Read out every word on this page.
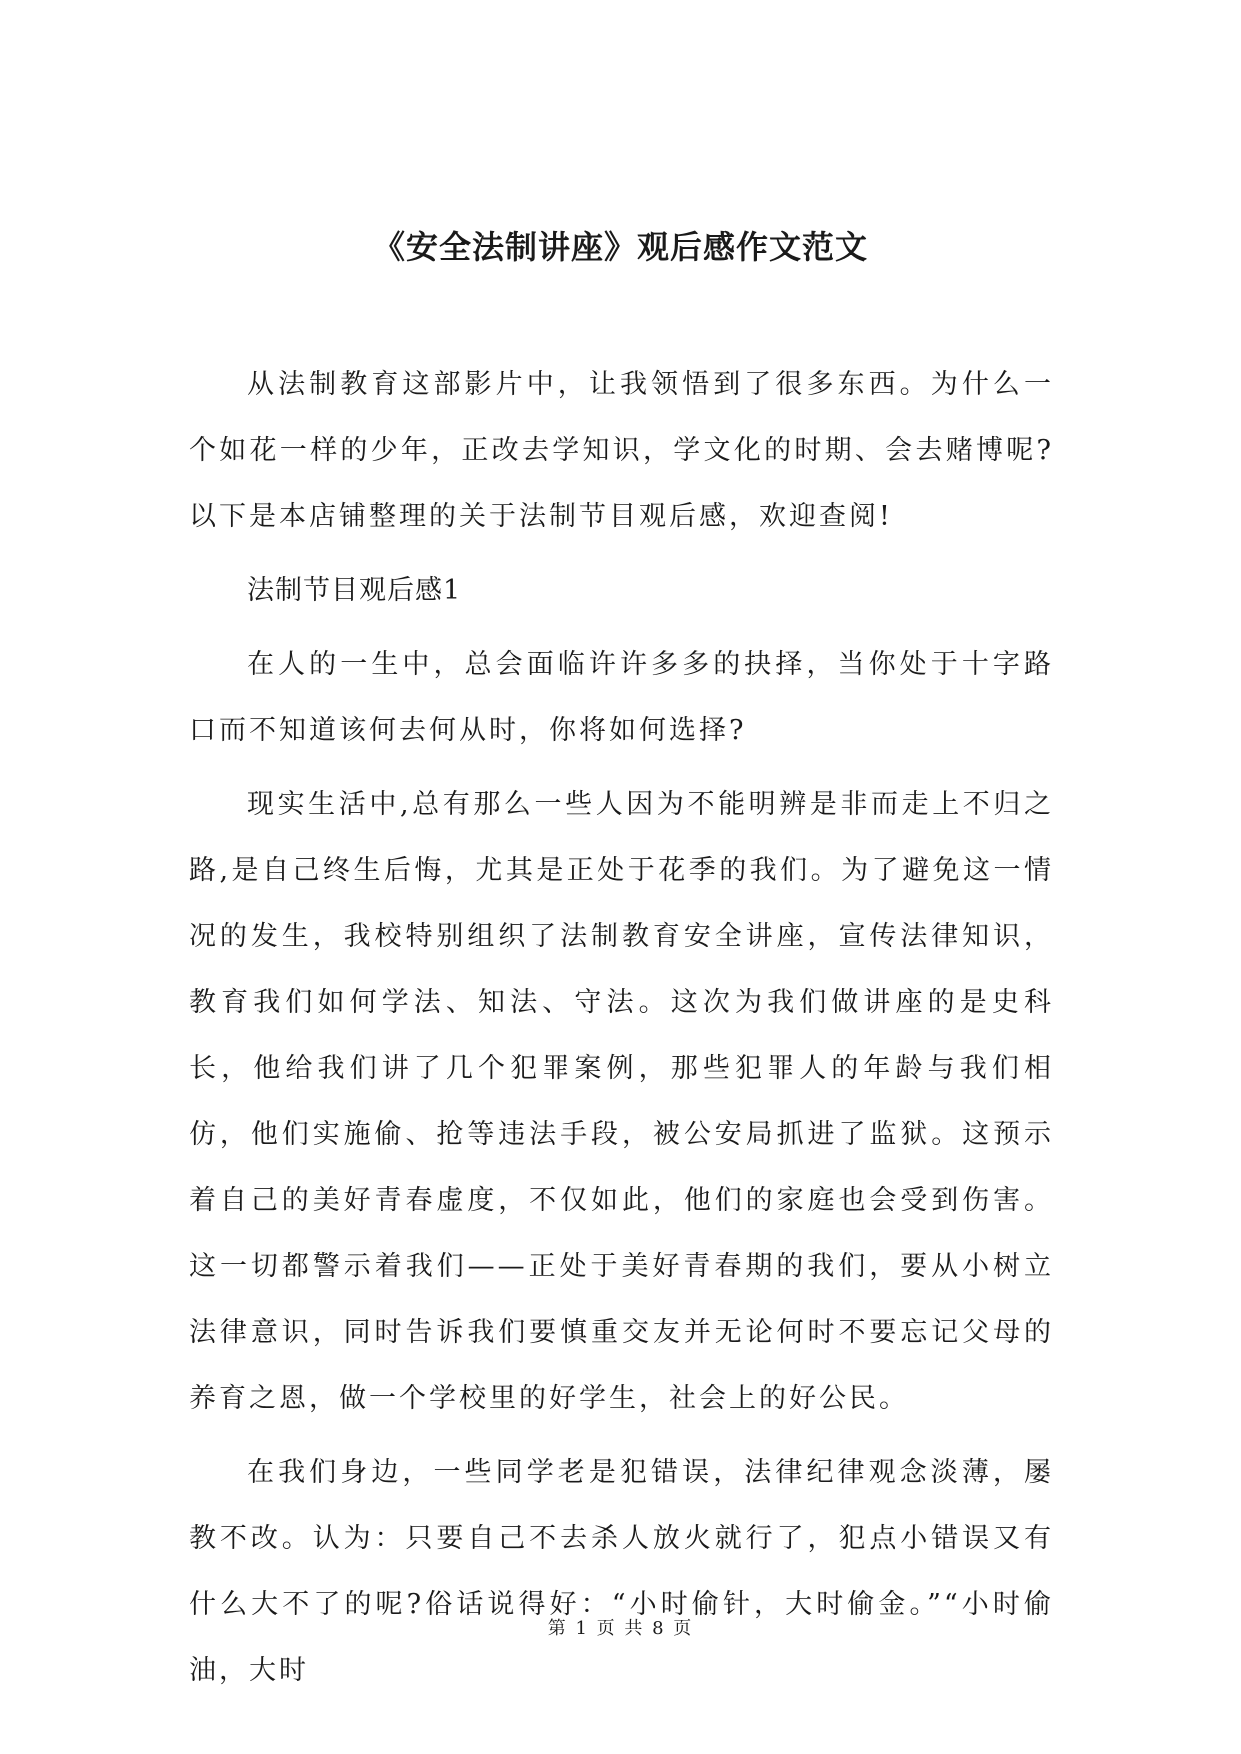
《安全法制讲座》观后感作文范文

从法制教育这部影片中，让我领悟到了很多东西。为什么一个如花一样的少年，正改去学知识，学文化的时期、会去赌博呢?以下是本店铺整理的关于法制节目观后感，欢迎查阅!

法制节目观后感1

在人的一生中，总会面临许许多多的抉择，当你处于十字路口而不知道该何去何从时，你将如何选择?

现实生活中,总有那么一些人因为不能明辨是非而走上不归之路,是自己终生后悔，尤其是正处于花季的我们。为了避免这一情况的发生，我校特别组织了法制教育安全讲座，宣传法律知识，教育我们如何学法、知法、守法。这次为我们做讲座的是史科长，他给我们讲了几个犯罪案例，那些犯罪人的年龄与我们相仿，他们实施偷、抢等违法手段，被公安局抓进了监狱。这预示着自己的美好青春虚度，不仅如此，他们的家庭也会受到伤害。这一切都警示着我们——正处于美好青春期的我们，要从小树立法律意识，同时告诉我们要慎重交友并无论何时不要忘记父母的养育之恩，做一个学校里的好学生，社会上的好公民。

在我们身边，一些同学老是犯错误，法律纪律观念淡薄，屡教不改。认为：只要自己不去杀人放火就行了，犯点小错误又有什么大不了的呢?俗话说得好：“小时偷针，大时偷金。”“小时偷油，大时

第 1 页 共 8 页
